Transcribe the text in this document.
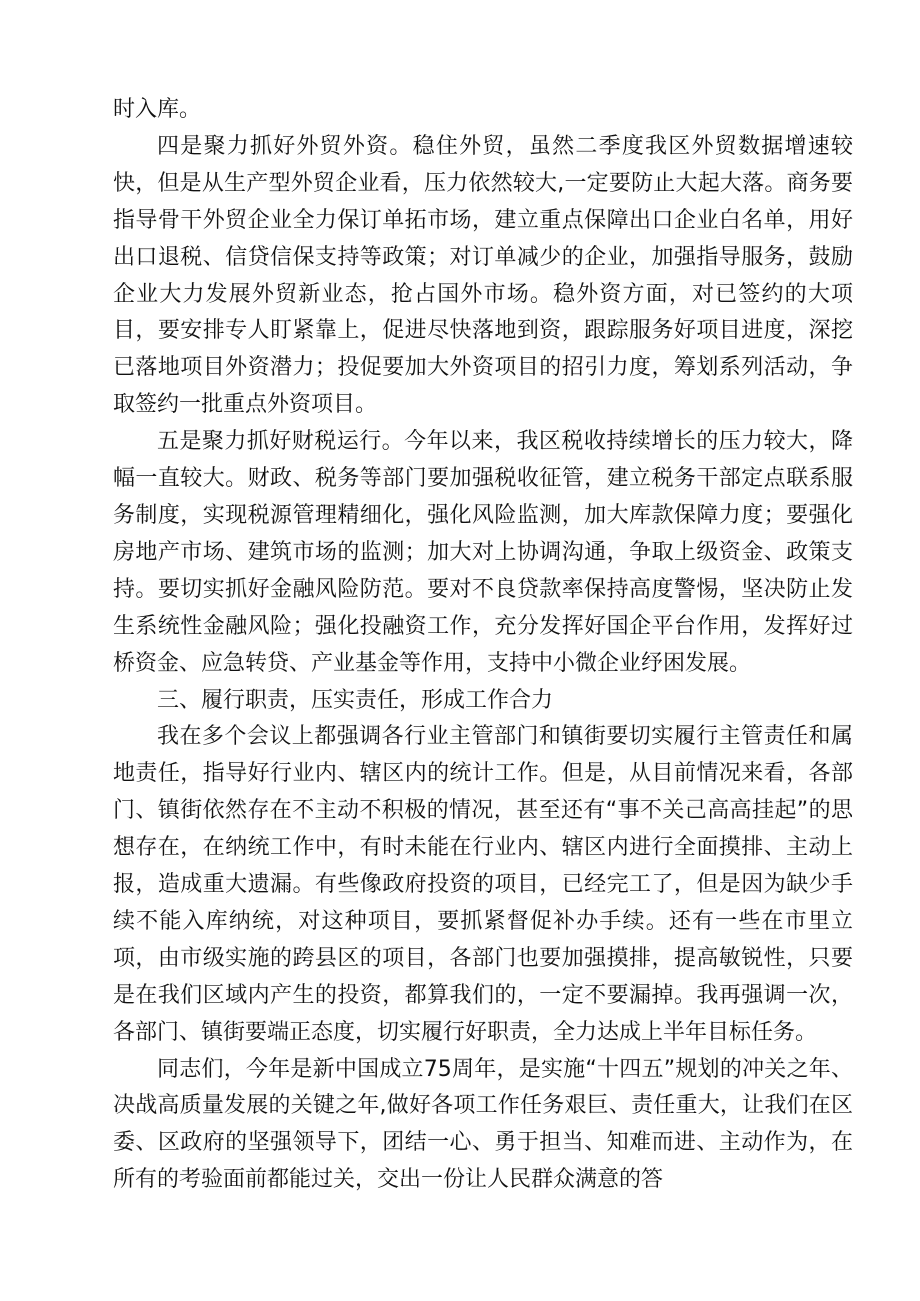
时入库。

四是聚力抓好外贸外资。稳住外贸，虽然二季度我区外贸数据增速较快，但是从生产型外贸企业看，压力依然较大,一定要防止大起大落。商务要指导骨干外贸企业全力保订单拓市场，建立重点保障出口企业白名单，用好出口退税、信贷信保支持等政策；对订单减少的企业，加强指导服务，鼓励企业大力发展外贸新业态，抢占国外市场。稳外资方面，对已签约的大项目，要安排专人盯紧靠上，促进尽快落地到资，跟踪服务好项目进度，深挖已落地项目外资潜力；投促要加大外资项目的招引力度，筹划系列活动，争取签约一批重点外资项目。

五是聚力抓好财税运行。今年以来，我区税收持续增长的压力较大，降幅一直较大。财政、税务等部门要加强税收征管，建立税务干部定点联系服务制度，实现税源管理精细化，强化风险监测，加大库款保障力度；要强化房地产市场、建筑市场的监测；加大对上协调沟通，争取上级资金、政策支持。要切实抓好金融风险防范。要对不良贷款率保持高度警惕，坚决防止发生系统性金融风险；强化投融资工作，充分发挥好国企平台作用，发挥好过桥资金、应急转贷、产业基金等作用，支持中小微企业纾困发展。

三、履行职责，压实责任，形成工作合力

我在多个会议上都强调各行业主管部门和镇街要切实履行主管责任和属地责任，指导好行业内、辖区内的统计工作。但是，从目前情况来看，各部门、镇街依然存在不主动不积极的情况，甚至还有“事不关己高高挂起”的思想存在，在纳统工作中，有时未能在行业内、辖区内进行全面摸排、主动上报，造成重大遗漏。有些像政府投资的项目，已经完工了，但是因为缺少手续不能入库纳统，对这种项目，要抓紧督促补办手续。还有一些在市里立项，由市级实施的跨县区的项目，各部门也要加强摸排，提高敏锐性，只要是在我们区域内产生的投资，都算我们的，一定不要漏掉。我再强调一次，各部门、镇街要端正态度，切实履行好职责，全力达成上半年目标任务。

同志们，今年是新中国成立75周年，是实施“十四五”规划的冲关之年、决战高质量发展的关键之年,做好各项工作任务艰巨、责任重大，让我们在区委、区政府的坚强领导下，团结一心、勇于担当、知难而进、主动作为，在所有的考验面前都能过关，交出一份让人民群众满意的答
